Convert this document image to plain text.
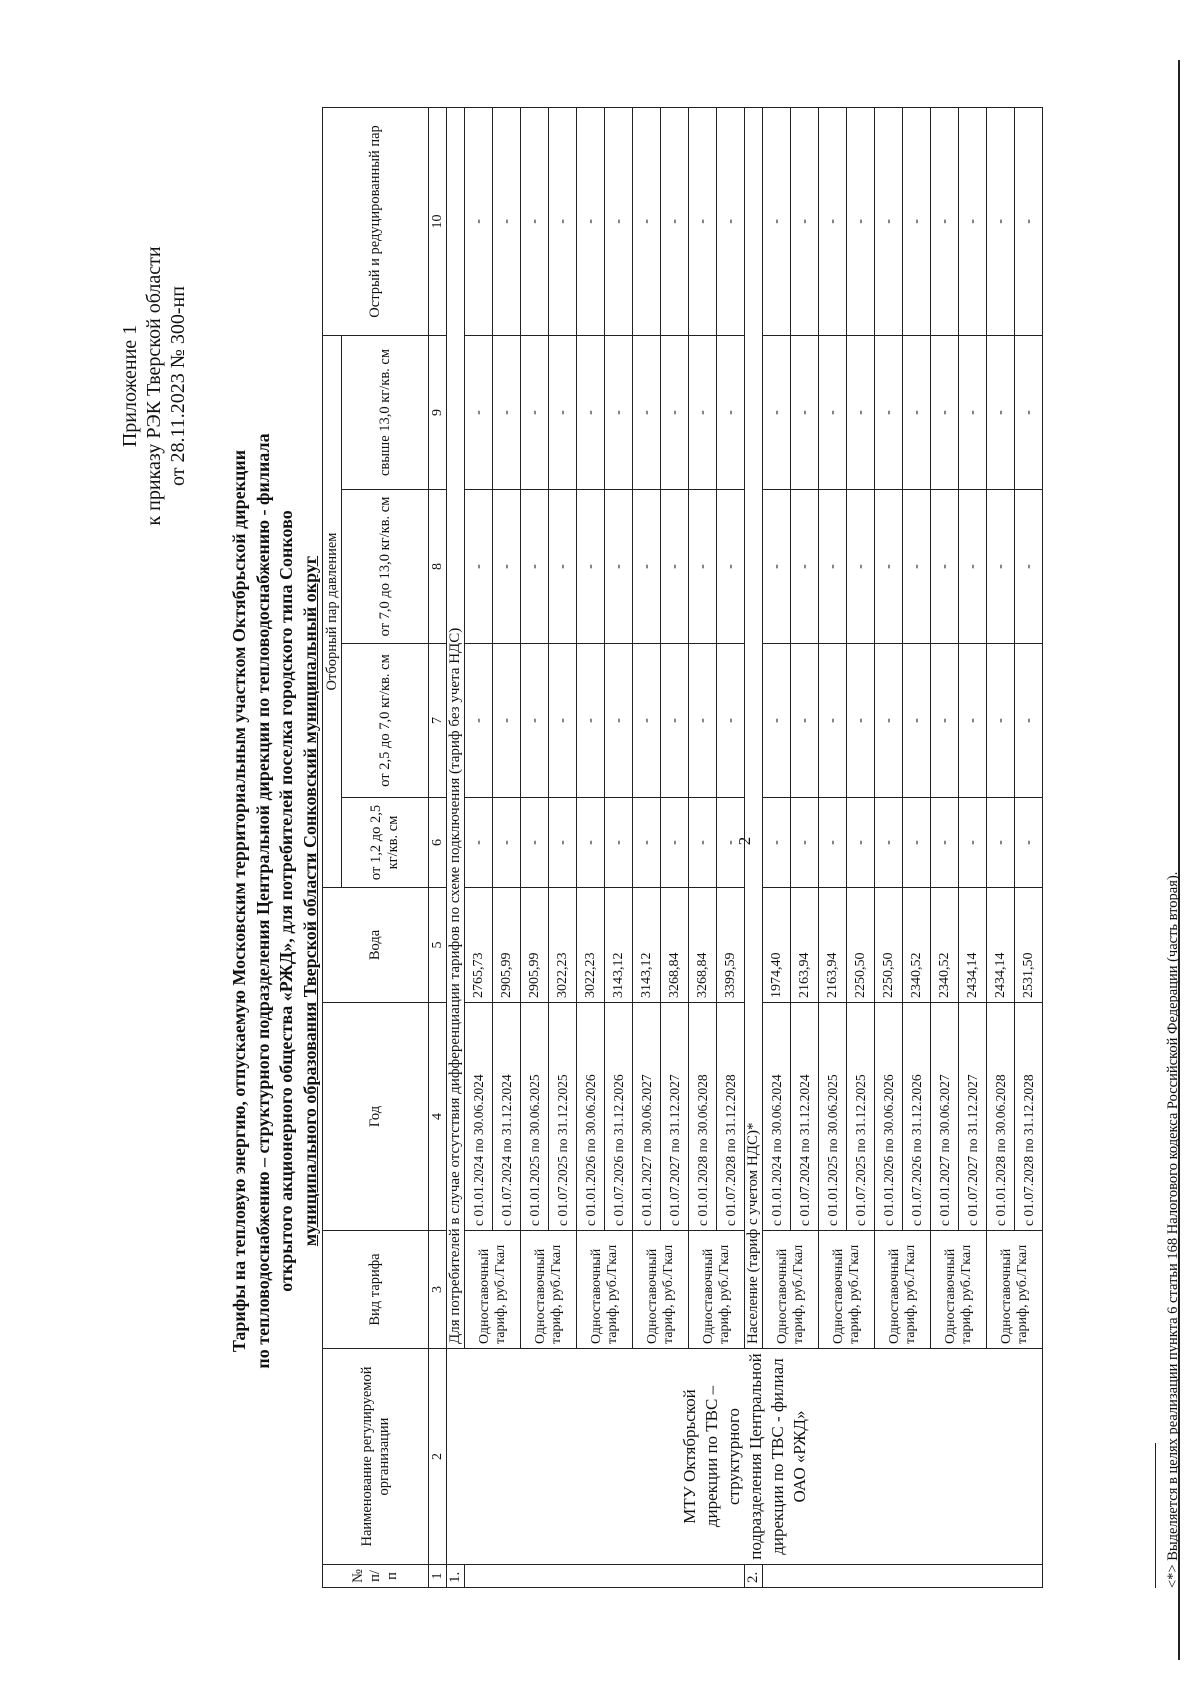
2
Приложение 1 к приказу РЭК Тверской области от 28.11.2023 № 300-нп
Тарифы на тепловую энергию, отпускаемую Московским территориальным участком Октябрьской дирекции по тепловодоснабжению – структурного подразделения Центральной дирекции по тепловодоснабжению - филиала открытого акционерного общества «РЖД», для потребителей поселка городского типа Сонково муниципального образования Тверской области Сонковский муниципальный округ
№ п/п	Наименование регулируемой организации	Вид тарифа	Год	Вода	Отборный пар давлением				Острый и редуцированный пар
					от 1,2 до 2,5 кг/кв. см	от 2,5 до 7,0 кг/кв. см	от 7,0 до 13,0 кг/кв. см	свыше 13,0 кг/кв. см	
1	2	3	4	5	6	7	8	9	10
1.	МТУ Октябрьской дирекции по ТВС – структурного подразделения Центральной дирекции по ТВС - филиал ОАО «РЖД»	Для потребителей в случае отсутствия дифференциации тарифов по схеме подключения (тариф без учета НДС)							
		Одноставочный тариф, руб./Гкал	с 01.01.2024 по 30.06.2024	2765,73	-	-	-	-	-
			с 01.07.2024 по 31.12.2024	2905,99	-	-	-	-	-
		Одноставочный тариф, руб./Гкал	с 01.01.2025 по 30.06.2025	2905,99	-	-	-	-	-
			с 01.07.2025 по 31.12.2025	3022,23	-	-	-	-	-
		Одноставочный тариф, руб./Гкал	с 01.01.2026 по 30.06.2026	3022,23	-	-	-	-	-
			с 01.07.2026 по 31.12.2026	3143,12	-	-	-	-	-
		Одноставочный тариф, руб./Гкал	с 01.01.2027 по 30.06.2027	3143,12	-	-	-	-	-
			с 01.07.2027 по 31.12.2027	3268,84	-	-	-	-	-
		Одноставочный тариф, руб./Гкал	с 01.01.2028 по 30.06.2028	3268,84	-	-	-	-	-
			с 01.07.2028 по 31.12.2028	3399,59	-	-	-	-	-
2.		Население (тариф с учетом НДС)*							
		Одноставочный тариф, руб./Гкал	с 01.01.2024 по 30.06.2024	1974,40	-	-	-	-	-
			с 01.07.2024 по 31.12.2024	2163,94	-	-	-	-	-
		Одноставочный тариф, руб./Гкал	с 01.01.2025 по 30.06.2025	2163,94	-	-	-	-	-
			с 01.07.2025 по 31.12.2025	2250,50	-	-	-	-	-
		Одноставочный тариф, руб./Гкал	с 01.01.2026 по 30.06.2026	2250,50	-	-	-	-	-
			с 01.07.2026 по 31.12.2026	2340,52	-	-	-	-	-
		Одноставочный тариф, руб./Гкал	с 01.01.2027 по 30.06.2027	2340,52	-	-	-	-	-
			с 01.07.2027 по 31.12.2027	2434,14	-	-	-	-	-
		Одноставочный тариф, руб./Гкал	с 01.01.2028 по 30.06.2028	2434,14	-	-	-	-	-
			с 01.07.2028 по 31.12.2028	2531,50	-	-	-	-	-
<*> Выделяется в целях реализации пункта 6 статьи 168 Налогового кодекса Российской Федерации (часть вторая).
